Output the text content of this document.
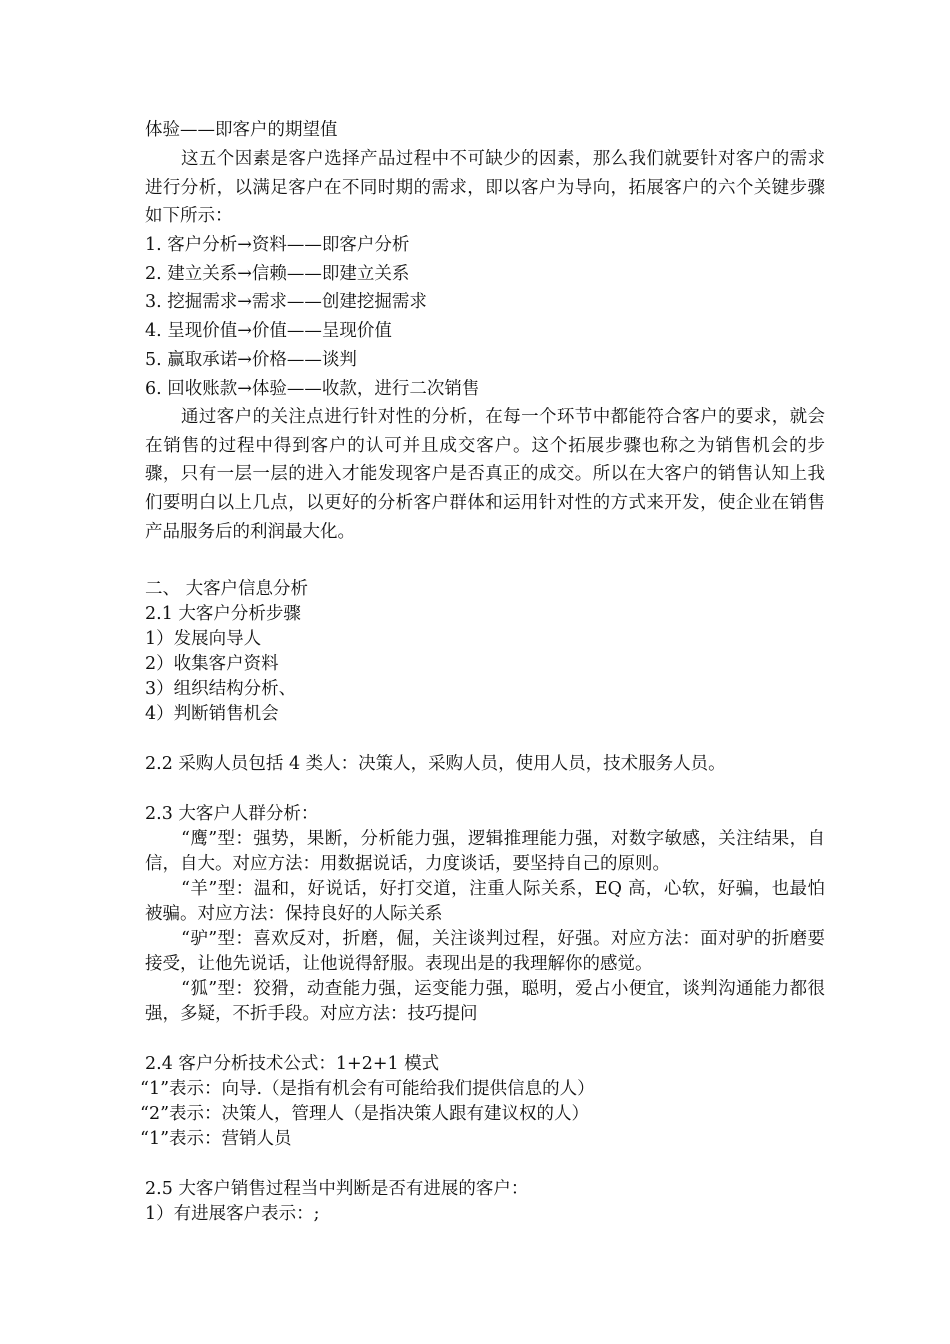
体验——即客户的期望值

这五个因素是客户选择产品过程中不可缺少的因素，那么我们就要针对客户的需求进行分析，以满足客户在不同时期的需求，即以客户为导向，拓展客户的六个关键步骤如下所示：

1. 客户分析→资料——即客户分析

2. 建立关系→信赖——即建立关系

3. 挖掘需求→需求——创建挖掘需求

4. 呈现价值→价值——呈现价值

5. 赢取承诺→价格——谈判

6. 回收账款→体验——收款，进行二次销售

通过客户的关注点进行针对性的分析，在每一个环节中都能符合客户的要求，就会在销售的过程中得到客户的认可并且成交客户。这个拓展步骤也称之为销售机会的步骤，只有一层一层的进入才能发现客户是否真正的成交。所以在大客户的销售认知上我们要明白以上几点，以更好的分析客户群体和运用针对性的方式来开发，使企业在销售产品服务后的利润最大化。

二、 大客户信息分析

2.1 大客户分析步骤

1）发展向导人

2）收集客户资料

3）组织结构分析、

4）判断销售机会

2.2 采购人员包括 4 类人：决策人，采购人员，使用人员，技术服务人员。

2.3 大客户人群分析：

“鹰”型：强势，果断，分析能力强，逻辑推理能力强，对数字敏感，关注结果，自信，自大。对应方法：用数据说话，力度谈话，要坚持自己的原则。

“羊”型：温和，好说话，好打交道，注重人际关系，EQ 高，心软，好骗，也最怕被骗。对应方法：保持良好的人际关系

“驴”型：喜欢反对，折磨，倔，关注谈判过程，好强。对应方法：面对驴的折磨要接受，让他先说话，让他说得舒服。表现出是的我理解你的感觉。

“狐”型：狡猾，动查能力强，运变能力强，聪明，爱占小便宜，谈判沟通能力都很强，多疑，不折手段。对应方法：技巧提问

2.4 客户分析技术公式：1+2+1 模式

“1”表示：向导.（是指有机会有可能给我们提供信息的人）

“2”表示：决策人，管理人（是指决策人跟有建议权的人）

“1”表示：营销人员

2.5 大客户销售过程当中判断是否有进展的客户：

1）有进展客户表示：;
